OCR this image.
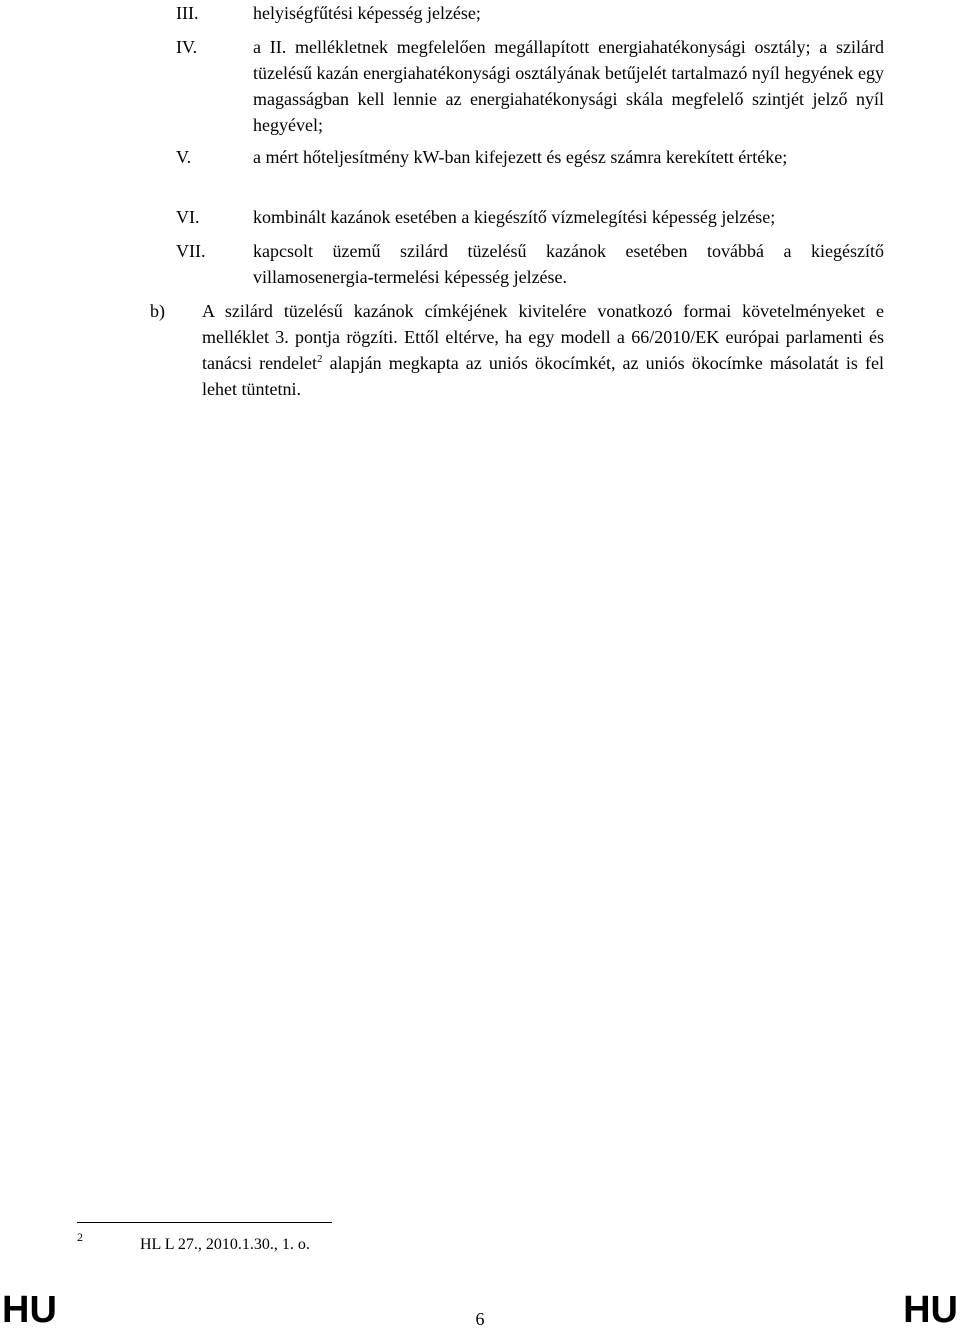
III.	helyiségfűtési képesség jelzése;
IV.	a II. mellékletnek megfelelően megállapított energiahatékonysági osztály; a szilárd tüzelésű kazán energiahatékonysági osztályának betűjelét tartalmazó nyíl hegyének egy magasságban kell lennie az energiahatékonysági skála megfelelő szintjét jelző nyíl hegyével;
V.	a mért hőteljesítmény kW-ban kifejezett és egész számra kerekített értéke;
VI.	kombinált kazánok esetében a kiegészítő vízmelegítési képesség jelzése;
VII.	kapcsolt üzemű szilárd tüzelésű kazánok esetében továbbá a kiegészítő villamosenergia-termelési képesség jelzése.
b) A szilárd tüzelésű kazánok címkéjének kivitelére vonatkozó formai követelményeket e melléklet 3. pontja rögzíti. Ettől eltérve, ha egy modell a 66/2010/EK európai parlamenti és tanácsi rendelet$^2$ alapján megkapta az uniós ökocímkét, az uniós ökocímke másolatát is fel lehet tüntetni.
2	HL L 27., 2010.1.30., 1. o.
HU	6	HU
